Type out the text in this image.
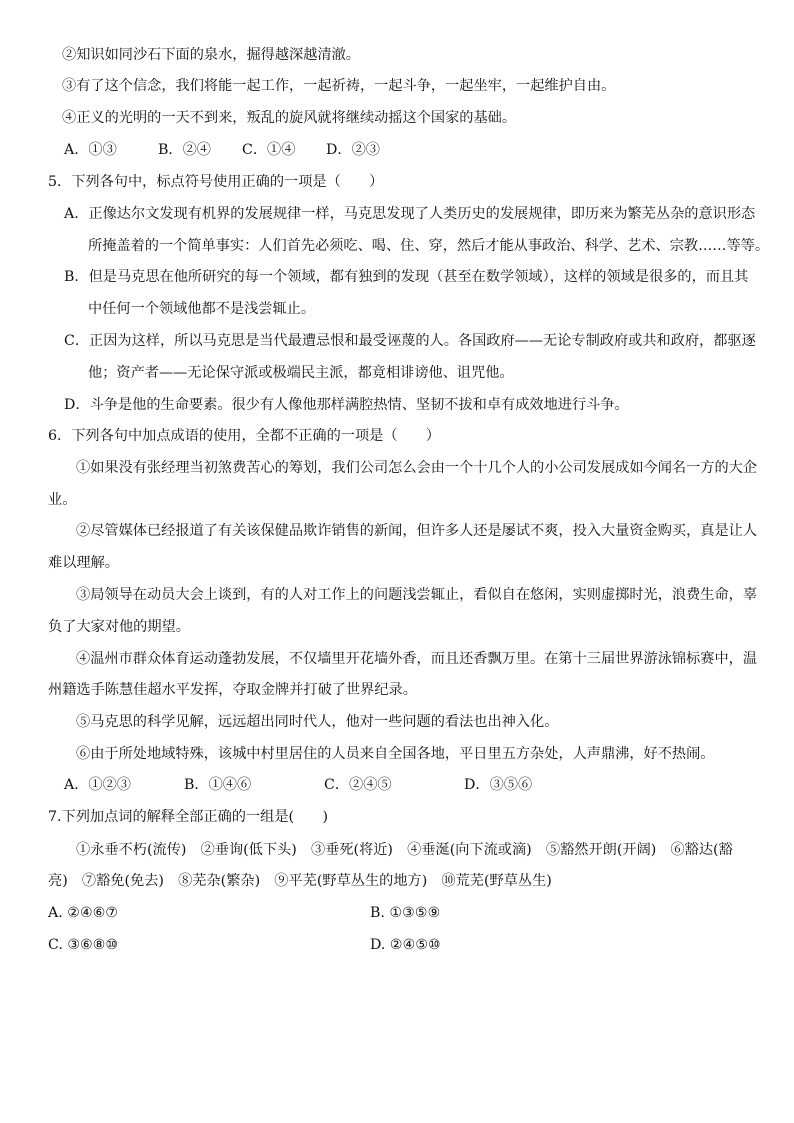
②知识如同沙石下面的泉水，掘得越深越清澈。
③有了这个信念，我们将能一起工作，一起祈祷，一起斗争，一起坐牢，一起维护自由。
④正义的光明的一天不到来，叛乱的旋风就将继续动摇这个国家的基础。
A．①③	B．②④ C．①④ D．②③
5．下列各句中，标点符号使用正确的一项是（　　）
A．正像达尔文发现有机界的发展规律一样，马克思发现了人类历史的发展规律，即历来为繁芜丛杂的意识形态
所掩盖着的一个简单事实：人们首先必须吃、喝、住、穿，然后才能从事政治、科学、艺术、宗教……等等。
B．但是马克思在他所研究的每一个领域，都有独到的发现（甚至在数学领域），这样的领域是很多的，而且其
中任何一个领域他都不是浅尝辄止。
C．正因为这样，所以马克思是当代最遭忌恨和最受诬蔑的人。各国政府——无论专制政府或共和政府，都驱逐
他；资产者——无论保守派或极端民主派，都竟相诽谤他、诅咒他。
D．斗争是他的生命要素。很少有人像他那样满腔热情、坚韧不拔和卓有成效地进行斗争。
6．下列各句中加点成语的使用，全都不正确的一项是（　　）
①如果没有张经理当初煞费苦心的筹划，我们公司怎么会由一个十几个人的小公司发展成如今闻名一方的大企
业。
②尽管媒体已经报道了有关该保健品欺诈销售的新闻，但许多人还是屡试不爽，投入大量资金购买，真是让人
难以理解。
③局领导在动员大会上谈到，有的人对工作上的问题浅尝辄止，看似自在悠闲，实则虚掷时光，浪费生命，辜
负了大家对他的期望。
④温州市群众体育运动蓬勃发展，不仅墙里开花墙外香，而且还香飘万里。在第十三届世界游泳锦标赛中，温
州籍选手陈慧佳超水平发挥，夺取金牌并打破了世界纪录。
⑤马克思的科学见解，远远超出同时代人，他对一些问题的看法也出神入化。
⑥由于所处地域特殊，该城中村里居住的人员来自全国各地，平日里五方杂处，人声鼎沸，好不热闹。
A．①②③	B．①④⑥	C．②④⑤	D．③⑤⑥
7.下列加点词的解释全部正确的一组是(　　)
①永垂不朽(流传)　②垂询(低下头)　③垂死(将近)　④垂涎(向下流或滴)　⑤豁然开朗(开阔)　⑥豁达(豁
亮)　⑦豁免(免去)　⑧芜杂(繁杂)　⑨平芜(野草丛生的地方)　⑩荒芜(野草丛生)
A. ②④⑥⑦	B. ①③⑤⑨
C. ③⑥⑧⑩	D. ②④⑤⑩
